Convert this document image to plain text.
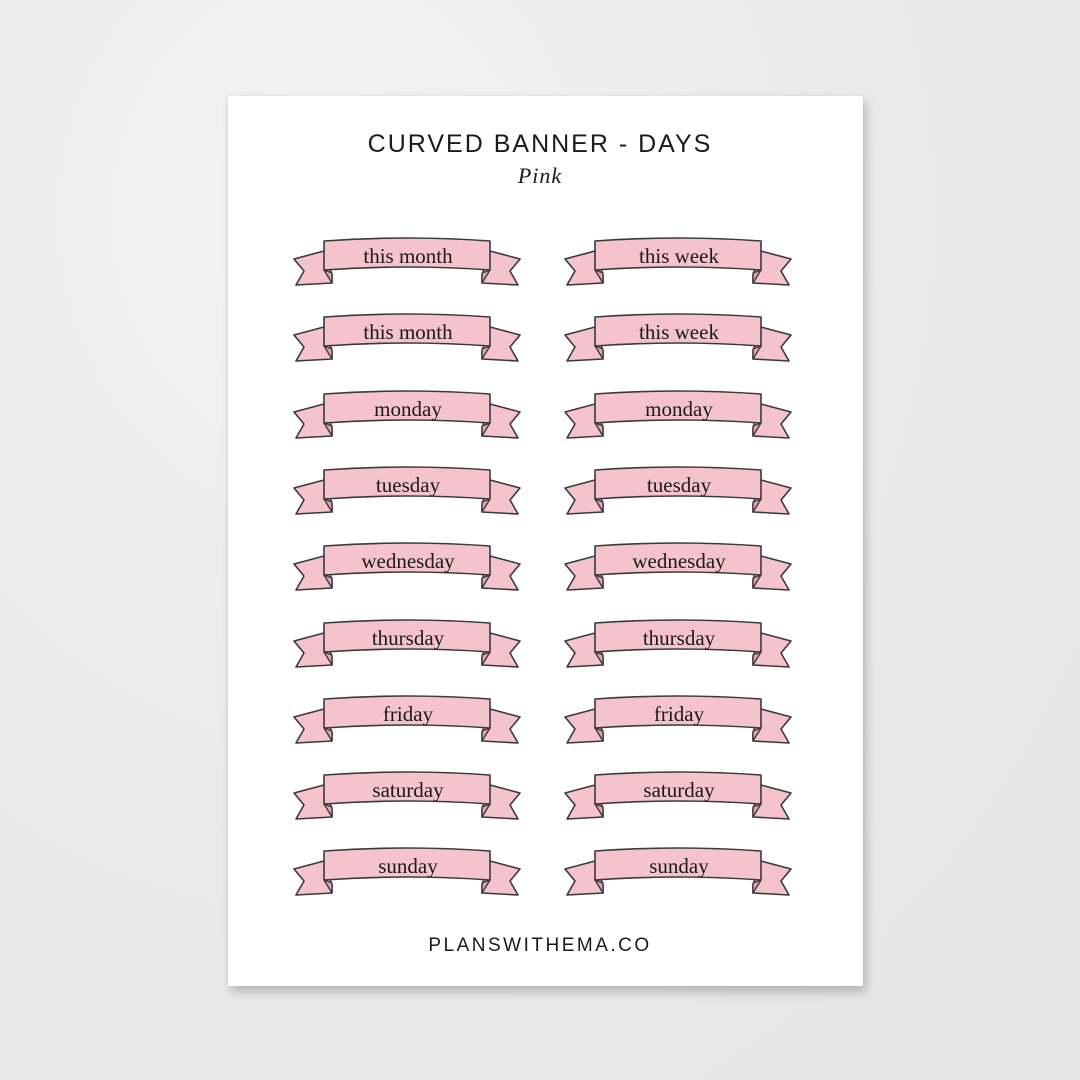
CURVED BANNER - DAYS
Pink
this month
this month
monday
tuesday
wednesday
thursday
friday
saturday
sunday
this week
this week
monday
tuesday
wednesday
thursday
friday
saturday
sunday
PLANSWITHEMA.CO
